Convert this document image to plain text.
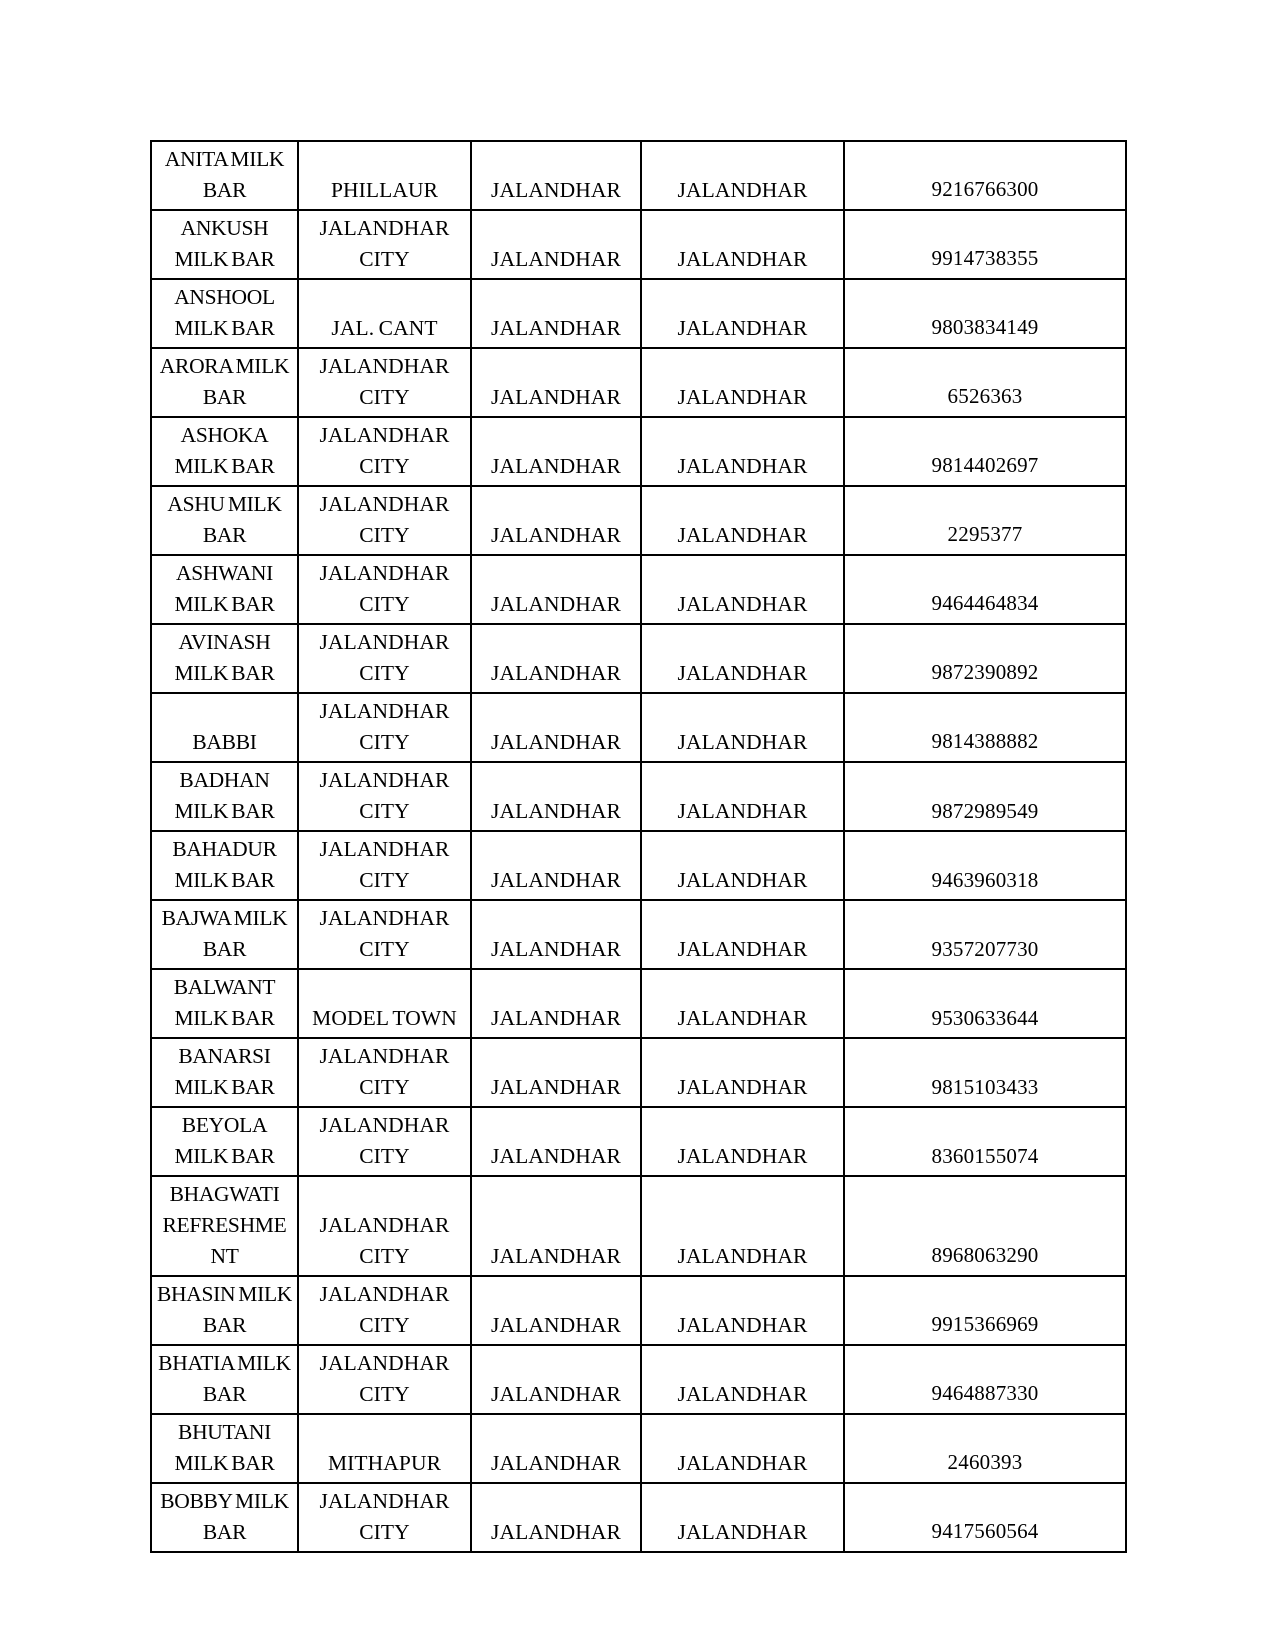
ANITA MILK
BAR	PHILLAUR	JALANDHAR	JALANDHAR	9216766300

ANKUSH
MILK BAR	JALANDHAR
CITY	JALANDHAR	JALANDHAR	9914738355

ANSHOOL
MILK BAR	JAL. CANT	JALANDHAR	JALANDHAR	9803834149

ARORA MILK
BAR	JALANDHAR
CITY	JALANDHAR	JALANDHAR	6526363

ASHOKA
MILK BAR	JALANDHAR
CITY	JALANDHAR	JALANDHAR	9814402697

ASHU MILK
BAR	JALANDHAR
CITY	JALANDHAR	JALANDHAR	2295377

ASHWANI
MILK BAR	JALANDHAR
CITY	JALANDHAR	JALANDHAR	9464464834

AVINASH
MILK BAR	JALANDHAR
CITY	JALANDHAR	JALANDHAR	9872390892

BABBI	JALANDHAR
CITY	JALANDHAR	JALANDHAR	9814388882

BADHAN
MILK BAR	JALANDHAR
CITY	JALANDHAR	JALANDHAR	9872989549

BAHADUR
MILK BAR	JALANDHAR
CITY	JALANDHAR	JALANDHAR	9463960318

BAJWA MILK
BAR	JALANDHAR
CITY	JALANDHAR	JALANDHAR	9357207730

BALWANT
MILK BAR	MODEL TOWN	JALANDHAR	JALANDHAR	9530633644

BANARSI
MILK BAR	JALANDHAR
CITY	JALANDHAR	JALANDHAR	9815103433

BEYOLA
MILK BAR	JALANDHAR
CITY	JALANDHAR	JALANDHAR	8360155074

BHAGWATI
REFRESHME
NT	JALANDHAR
CITY	JALANDHAR	JALANDHAR	8968063290

BHASIN MILK
BAR	JALANDHAR
CITY	JALANDHAR	JALANDHAR	9915366969

BHATIA MILK
BAR	JALANDHAR
CITY	JALANDHAR	JALANDHAR	9464887330

BHUTANI
MILK BAR	MITHAPUR	JALANDHAR	JALANDHAR	2460393

BOBBY MILK
BAR	JALANDHAR
CITY	JALANDHAR	JALANDHAR	9417560564
